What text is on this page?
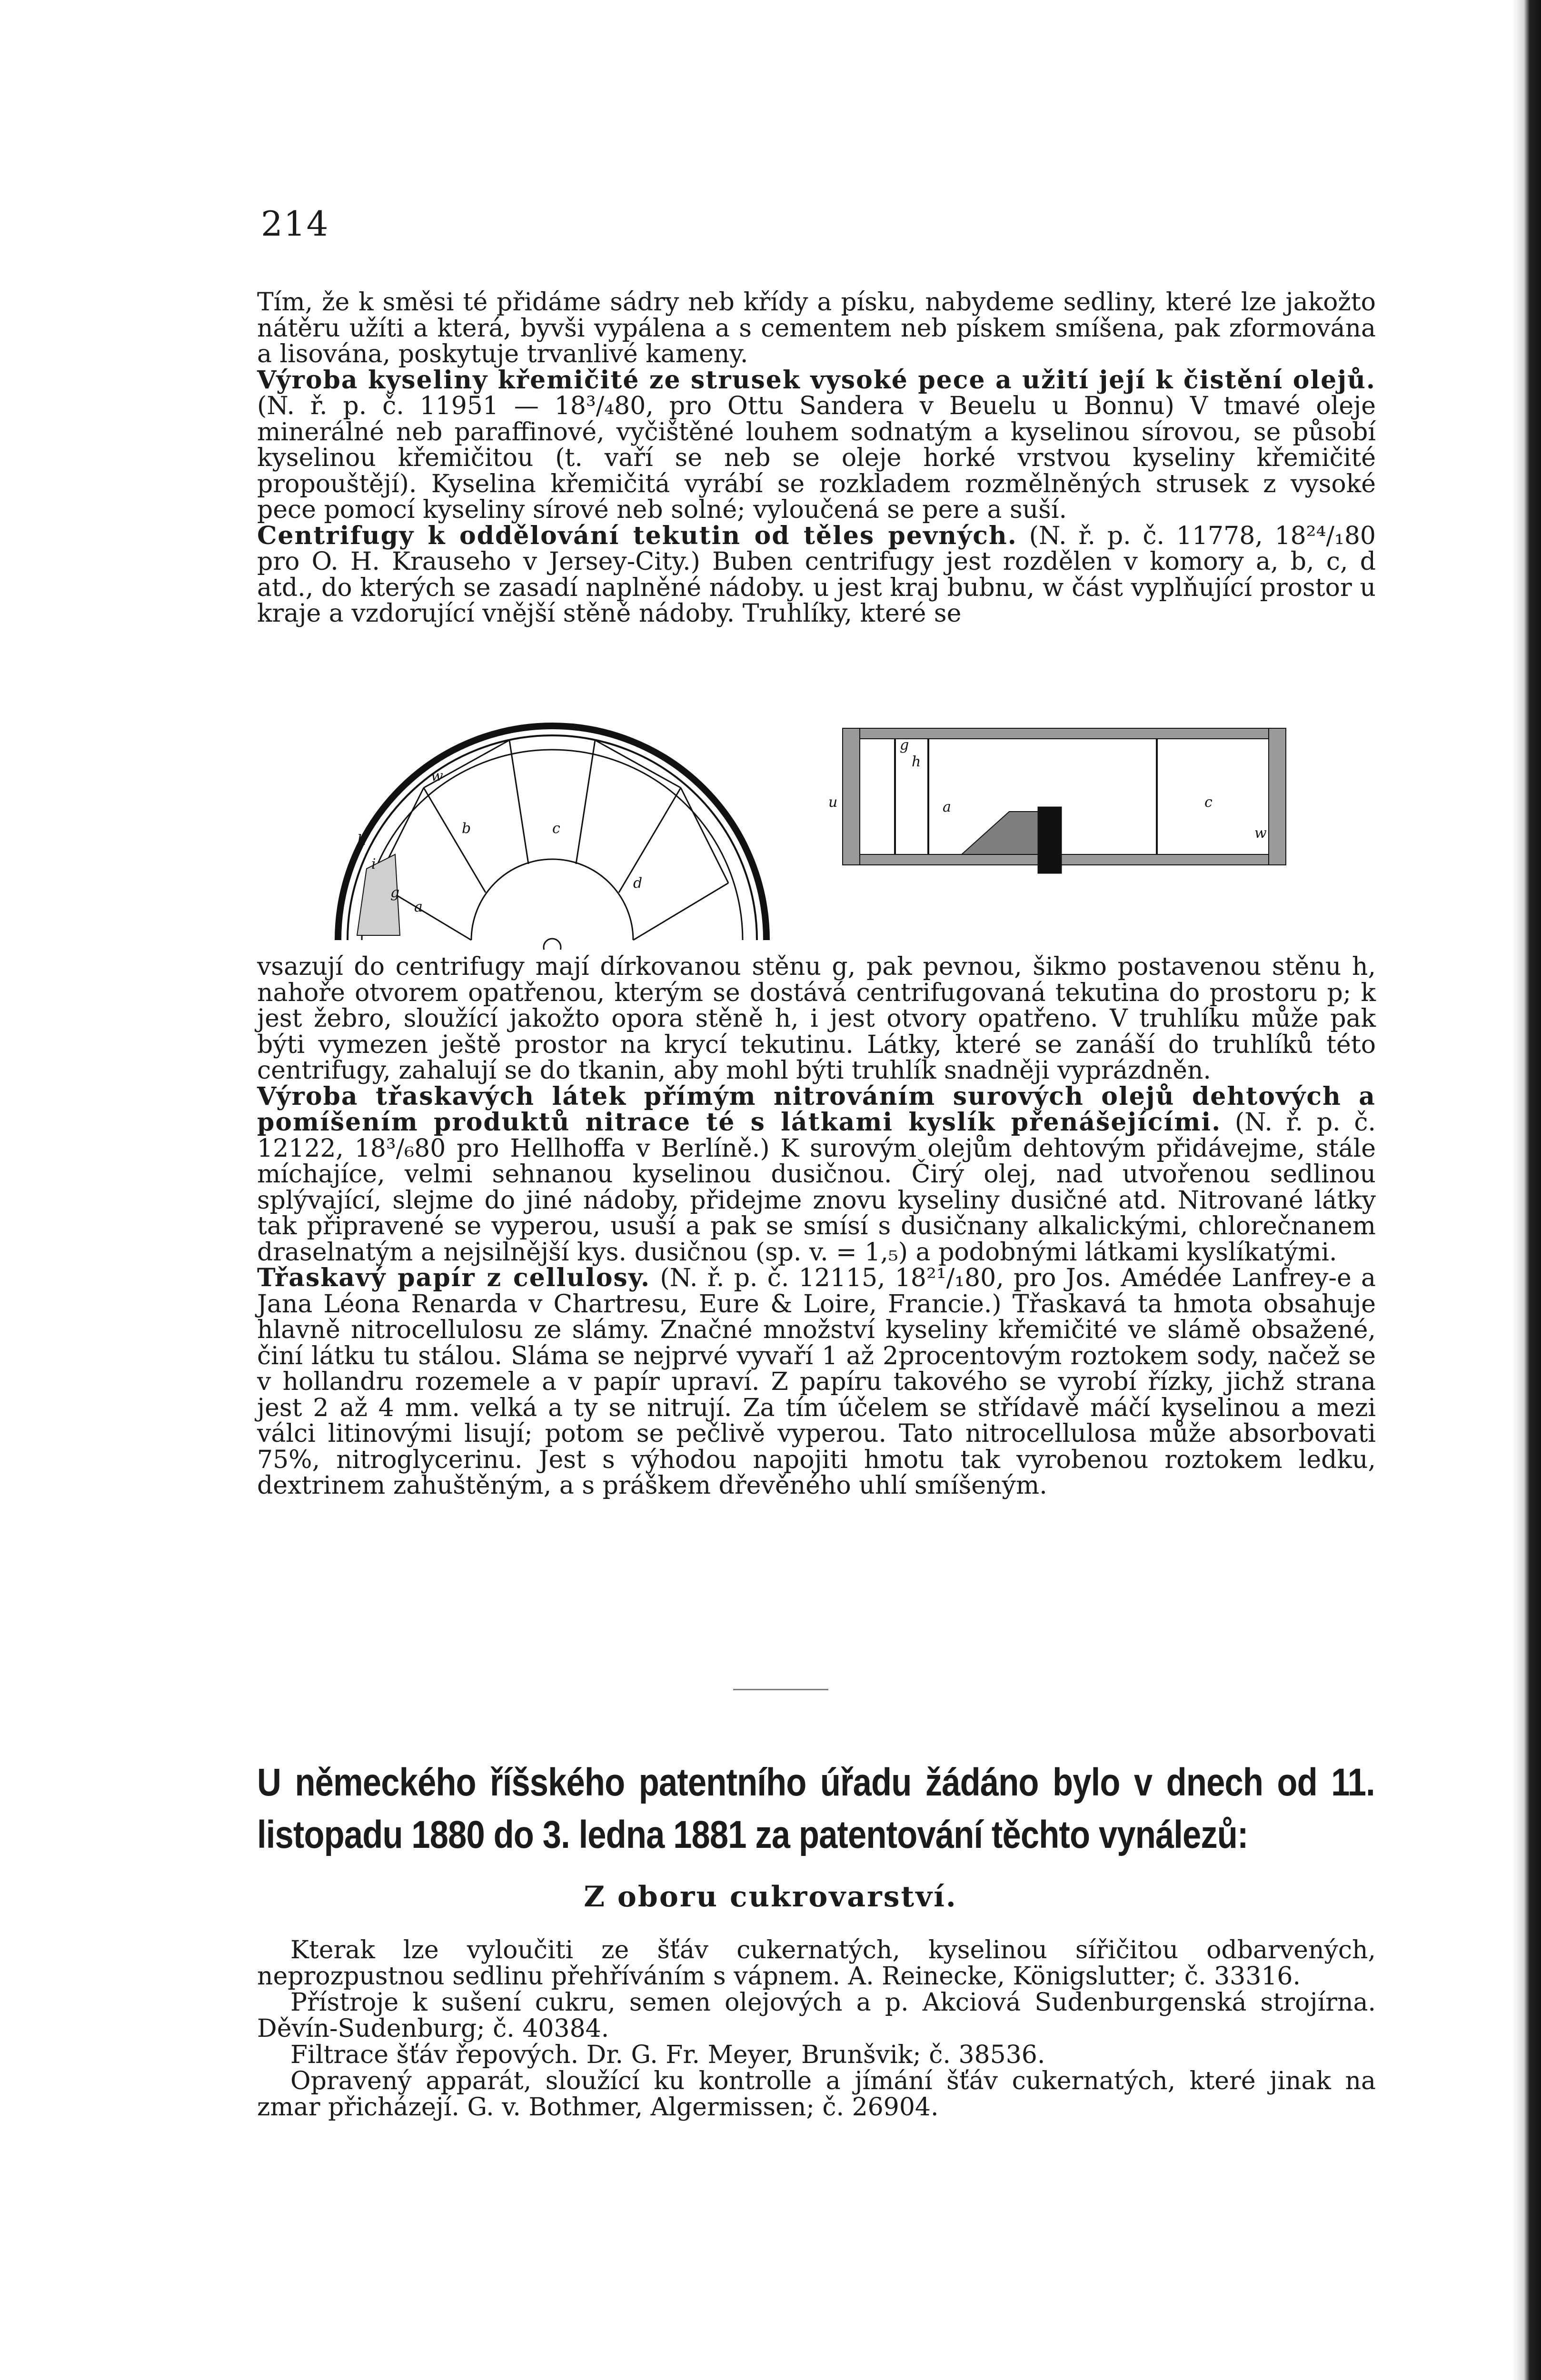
214
Tím, že k směsi té přidáme sádry neb křídy a písku, nabydeme sedliny, které lze jakožto nátěru užíti a která, byvši vypálena a s cementem neb pískem smíšena, pak zformována a lisována, poskytuje trvanlivé kameny.
Výroba kyseliny křemičité ze strusek vysoké pece a užití její k čistění olejů. (N. ř. p. č. 11951 — 18³/₄80, pro Ottu Sandera v Beuelu u Bonnu) V tmavé oleje minerálné neb paraffinové, vyčištěné louhem sodnatým a kyselinou sírovou, se působí kyselinou křemičitou (t. vaří se neb se oleje horké vrstvou kyseliny křemičité propouštějí). Kyselina křemičitá vyrábí se rozkladem rozmělněných strusek z vysoké pece pomocí kyseliny sírové neb solné; vyloučená se pere a suší.
Centrifugy k oddělování tekutin od těles pevných. (N. ř. p. č. 11778, 18²⁴/₁80 pro O. H. Krauseho v Jersey-City.) Buben centrifugy jest rozdělen v komory a, b, c, d atd., do kterých se zasadí naplněné nádoby. u jest kraj bubnu, w část vyplňující prostor u kraje a vzdorující vnější stěně nádoby. Truhlíky, které se
w
b	c
d
a
g
h
i
g
h
a	c
w
u
vsazují do centrifugy mají dírkovanou stěnu g, pak pevnou, šikmo postavenou stěnu h, nahoře otvorem opatřenou, kterým se dostává centrifugovaná tekutina do prostoru p; k jest žebro, sloužící jakožto opora stěně h, i jest otvory opatřeno. V truhlíku může pak býti vymezen ještě prostor na krycí tekutinu. Látky, které se zanáší do truhlíků této centrifugy, zahalují se do tkanin, aby mohl býti truhlík snadněji vyprázdněn.
Výroba třaskavých látek přímým nitrováním surových olejů dehtových a pomíšením produktů nitrace té s látkami kyslík přenášejícími. (N. ř. p. č. 12122, 18³/₆80 pro Hellhoffa v Berlíně.) K surovým olejům dehtovým přidávejme, stále míchajíce, velmi sehnanou kyselinou dusičnou. Čirý olej, nad utvořenou sedlinou splývající, slejme do jiné nádoby, přidejme znovu kyseliny dusičné atd. Nitrované látky tak připravené se vyperou, usuší a pak se smísí s dusičnany alkalickými, chlorečnanem draselnatým a nejsilnější kys. dusičnou (sp. v. = 1,₅) a podobnými látkami kyslíkatými.
Třaskavý papír z cellulosy. (N. ř. p. č. 12115, 18²¹/₁80, pro Jos. Amédée Lanfrey-e a Jana Léona Renarda v Chartresu, Eure & Loire, Francie.) Třaskavá ta hmota obsahuje hlavně nitrocellulosu ze slámy. Značné množství kyseliny křemičité ve slámě obsažené, činí látku tu stálou. Sláma se nejprvé vyvaří 1 až 2procentovým roztokem sody, načež se v hollandru rozemele a v papír upraví. Z papíru takového se vyrobí řízky, jichž strana jest 2 až 4 mm. velká a ty se nitrují. Za tím účelem se střídavě máčí kyselinou a mezi válci litinovými lisují; potom se pečlivě vyperou. Tato nitrocellulosa může absorbovati 75%, nitroglycerinu. Jest s výhodou napojiti hmotu tak vyrobenou roztokem ledku, dextrinem zahuštěným, a s práškem dřevěného uhlí smíšeným.
U německého říšského patentního úřadu žádáno bylo v dnech od 11. listopadu 1880 do 3. ledna 1881 za patentování těchto vynálezů:
Z oboru cukrovarství.

Kterak lze vyloučiti ze šťáv cukernatých, kyselinou sířičitou odbarvených, neprozpustnou sedlinu přehříváním s vápnem. A. Reinecke, Königslutter; č. 33316.

Přístroje k sušení cukru, semen olejových a p. Akciová Sudenburgenská strojírna. Děvín-Sudenburg; č. 40384.

Filtrace šťáv řepových. Dr. G. Fr. Meyer, Brunšvik; č. 38536.

Opravený apparát, sloužící ku kontrolle a jímání šťáv cukernatých, které jinak na zmar přicházejí. G. v. Bothmer, Algermissen; č. 26904.
